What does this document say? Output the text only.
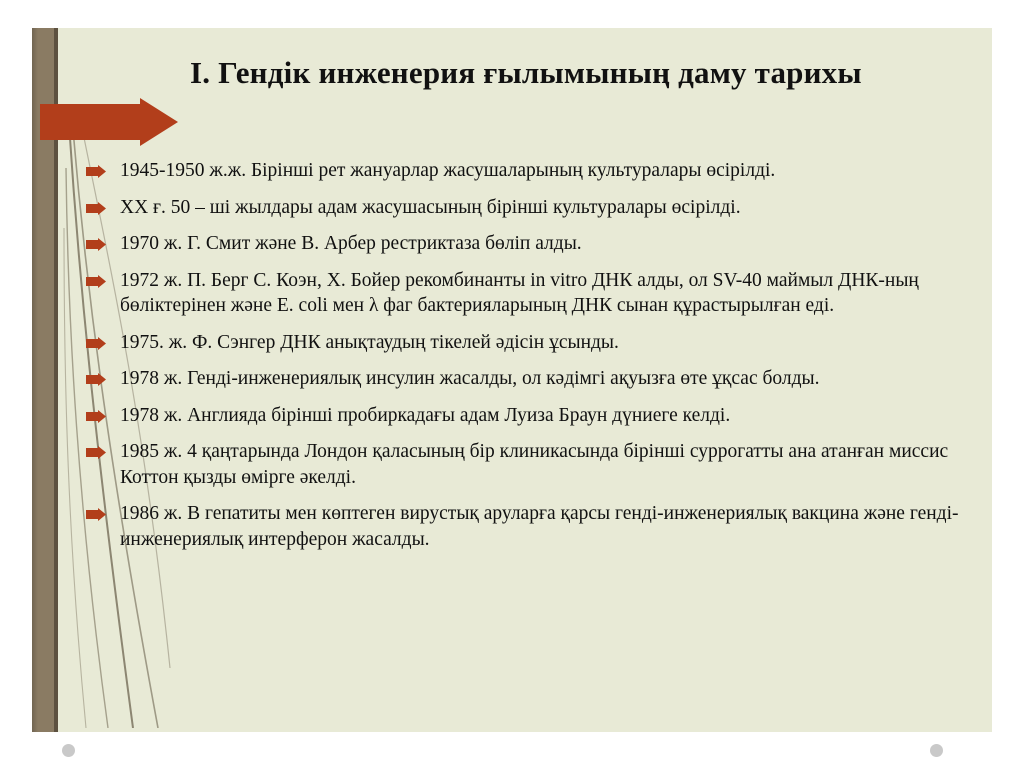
I. Гендік инженерия ғылымының даму тарихы
1945-1950 ж.ж. Бірінші рет жануарлар жасушаларының культуралары өсірілді.
XX ғ. 50 – ші жылдары адам жасушасының бірінші культуралары өсірілді.
1970 ж. Г. Смит және В. Арбер рестриктаза бөліп алды.
1972 ж. П. Берг С. Коэн, Х. Бойер рекомбинанты in vitro ДНК алды, ол SV-40 маймыл ДНК-ның бөліктерінен және E. coli мен λ фаг бактерияларының ДНК сынан құрастырылған еді.
1975. ж. Ф. Сэнгер ДНК анықтаудың тікелей әдісін ұсынды.
1978 ж. Генді-инженериялық инсулин жасалды, ол кәдімгі ақуызға өте ұқсас болды.
1978 ж. Англияда бірінші пробиркадағы адам Луиза Браун дүниеге келді.
1985 ж. 4 қаңтарында Лондон қаласының бір клиникасында бірінші суррогатты ана атанған миссис Коттон қызды өмірге әкелді.
1986 ж. В гепатиты мен көптеген вирустық аруларға қарсы генді-инженериялық вакцина және генді-инженериялық интерферон жасалды.
